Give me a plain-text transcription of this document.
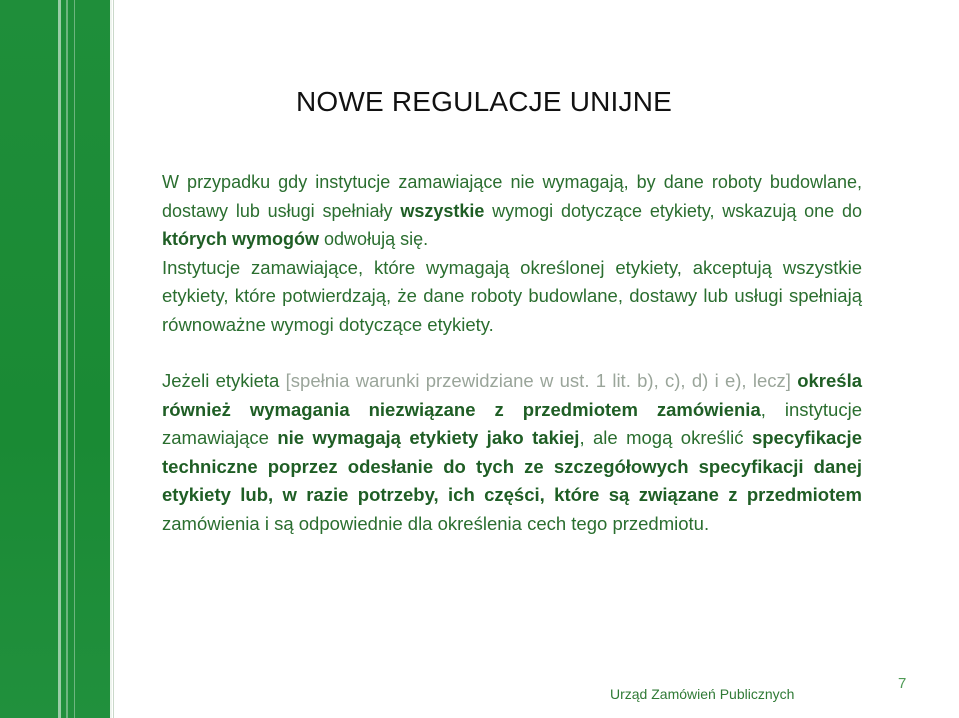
NOWE REGULACJE UNIJNE

W przypadku gdy instytucje zamawiające nie wymagają, by dane roboty budowlane, dostawy lub usługi spełniały wszystkie wymogi dotyczące etykiety, wskazują one do których wymogów odwołują się.

Instytucje zamawiające, które wymagają określonej etykiety, akceptują wszystkie etykiety, które potwierdzają, że dane roboty budowlane, dostawy lub usługi spełniają równoważne wymogi dotyczące etykiety.

Jeżeli etykieta [spełnia warunki przewidziane w ust. 1 lit. b), c), d) i e), lecz] określa również wymagania niezwiązane z przedmiotem zamówienia, instytucje zamawiające nie wymagają etykiety jako takiej, ale mogą określić specyfikacje techniczne poprzez odesłanie do tych ze szczegółowych specyfikacji danej etykiety lub, w razie potrzeby, ich części, które są związane z przedmiotem zamówienia i są odpowiednie dla określenia cech tego przedmiotu.

Urząd Zamówień Publicznych
7
